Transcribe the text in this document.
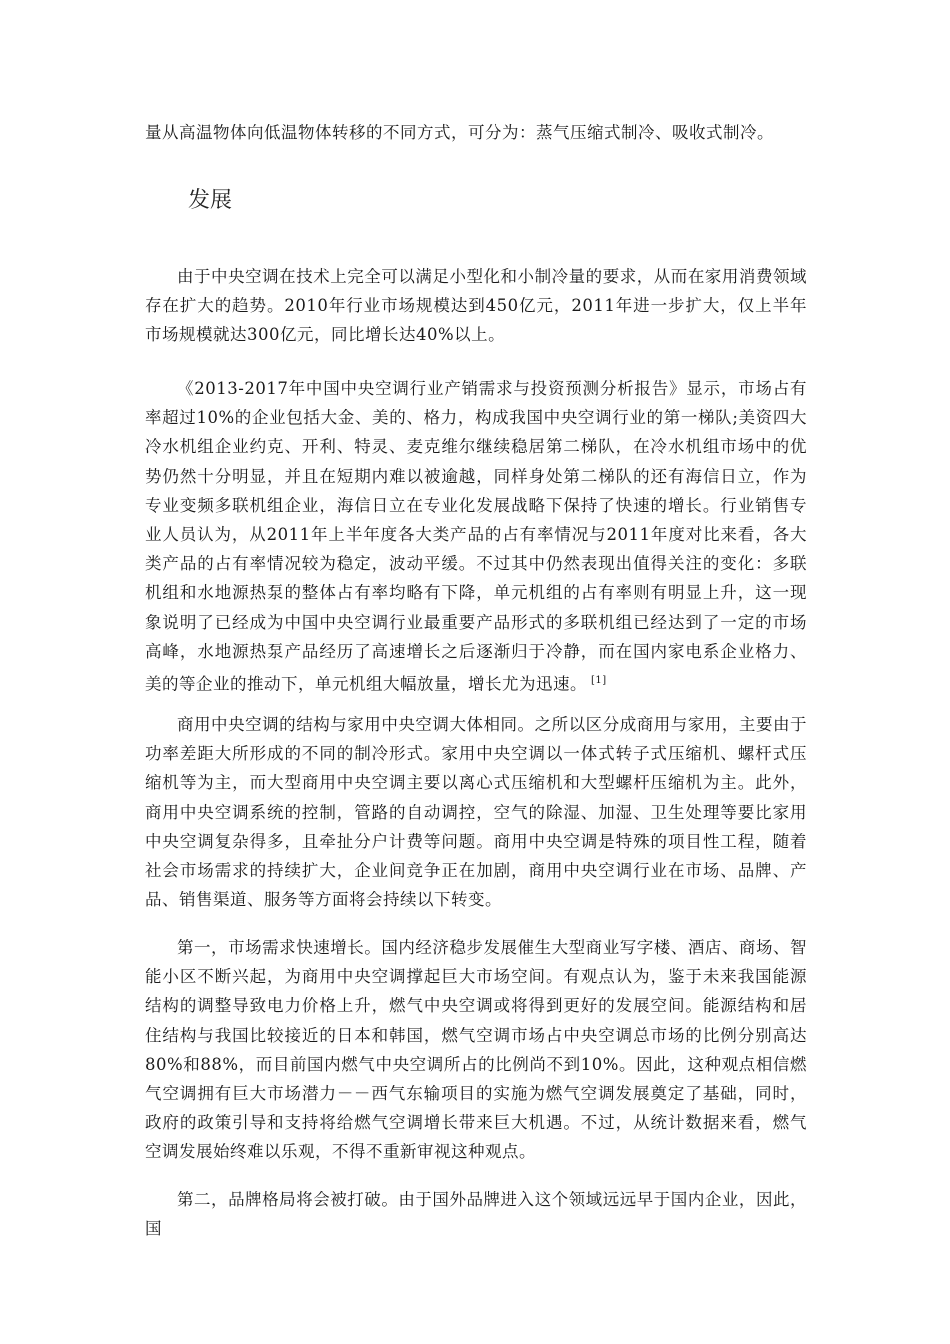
量从高温物体向低温物体转移的不同方式，可分为：蒸气压缩式制冷、吸收式制冷。

发展

由于中央空调在技术上完全可以满足小型化和小制冷量的要求，从而在家用消费领域存在扩大的趋势。2010年行业市场规模达到450亿元，2011年进一步扩大，仅上半年市场规模就达300亿元，同比增长达40%以上。

《2013-2017年中国中央空调行业产销需求与投资预测分析报告》显示，市场占有率超过10%的企业包括大金、美的、格力，构成我国中央空调行业的第一梯队;美资四大冷水机组企业约克、开利、特灵、麦克维尔继续稳居第二梯队，在冷水机组市场中的优势仍然十分明显，并且在短期内难以被逾越，同样身处第二梯队的还有海信日立，作为专业变频多联机组企业，海信日立在专业化发展战略下保持了快速的增长。行业销售专业人员认为，从2011年上半年度各大类产品的占有率情况与2011年度对比来看，各大类产品的占有率情况较为稳定，波动平缓。不过其中仍然表现出值得关注的变化：多联机组和水地源热泵的整体占有率均略有下降，单元机组的占有率则有明显上升，这一现象说明了已经成为中国中央空调行业最重要产品形式的多联机组已经达到了一定的市场高峰，水地源热泵产品经历了高速增长之后逐渐归于冷静，而在国内家电系企业格力、美的等企业的推动下，单元机组大幅放量，增长尤为迅速。 [1]

商用中央空调的结构与家用中央空调大体相同。之所以区分成商用与家用，主要由于功率差距大所形成的不同的制冷形式。家用中央空调以一体式转子式压缩机、螺杆式压缩机等为主，而大型商用中央空调主要以离心式压缩机和大型螺杆压缩机为主。此外，商用中央空调系统的控制，管路的自动调控，空气的除湿、加湿、卫生处理等要比家用中央空调复杂得多，且牵扯分户计费等问题。商用中央空调是特殊的项目性工程，随着社会市场需求的持续扩大，企业间竞争正在加剧，商用中央空调行业在市场、品牌、产品、销售渠道、服务等方面将会持续以下转变。

第一，市场需求快速增长。国内经济稳步发展催生大型商业写字楼、酒店、商场、智能小区不断兴起，为商用中央空调撑起巨大市场空间。有观点认为，鉴于未来我国能源结构的调整导致电力价格上升，燃气中央空调或将得到更好的发展空间。能源结构和居住结构与我国比较接近的日本和韩国，燃气空调市场占中央空调总市场的比例分别高达80%和88%，而目前国内燃气中央空调所占的比例尚不到10%。因此，这种观点相信燃气空调拥有巨大市场潜力－－西气东输项目的实施为燃气空调发展奠定了基础，同时，政府的政策引导和支持将给燃气空调增长带来巨大机遇。不过，从统计数据来看，燃气空调发展始终难以乐观，不得不重新审视这种观点。

第二，品牌格局将会被打破。由于国外品牌进入这个领域远远早于国内企业，因此，国
